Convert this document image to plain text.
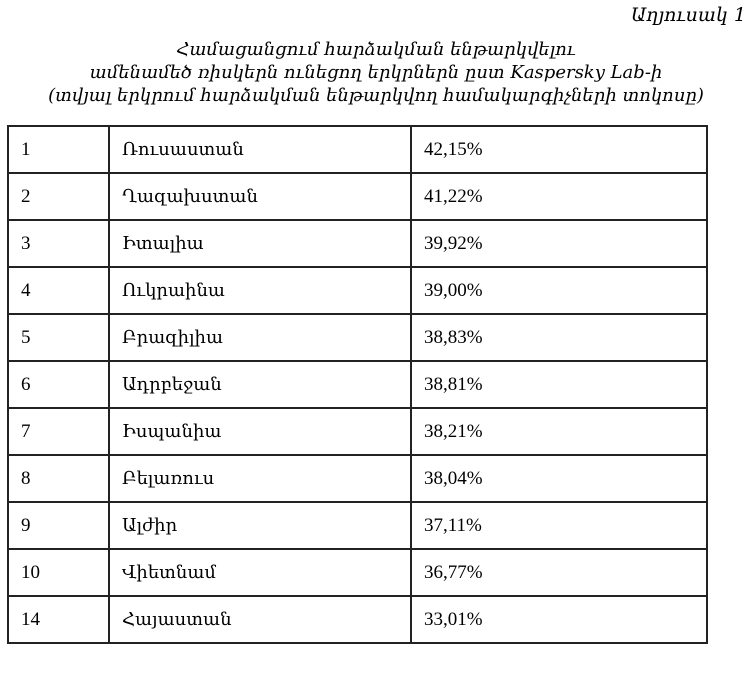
Աղյուսակ 1
Համացանցում հարձակման ենթարկվելու
ամենամեծ ռիսկերն ունեցող երկրներն ըստ Kaspersky Lab-ի
(տվյալ երկրում հարձակման ենթարկվող համակարգիչների տոկոսը)
1	Ռուսաստան	42,15%
2	Ղազախստան	41,22%
3	Իտալիա	39,92%
4	Ուկրաինա	39,00%
5	Բրազիլիա	38,83%
6	Ադրբեջան	38,81%
7	Իսպանիա	38,21%
8	Բելառուս	38,04%
9	Ալժիր	37,11%
10	Վիետնամ	36,77%
14	Հայաստան	33,01%
